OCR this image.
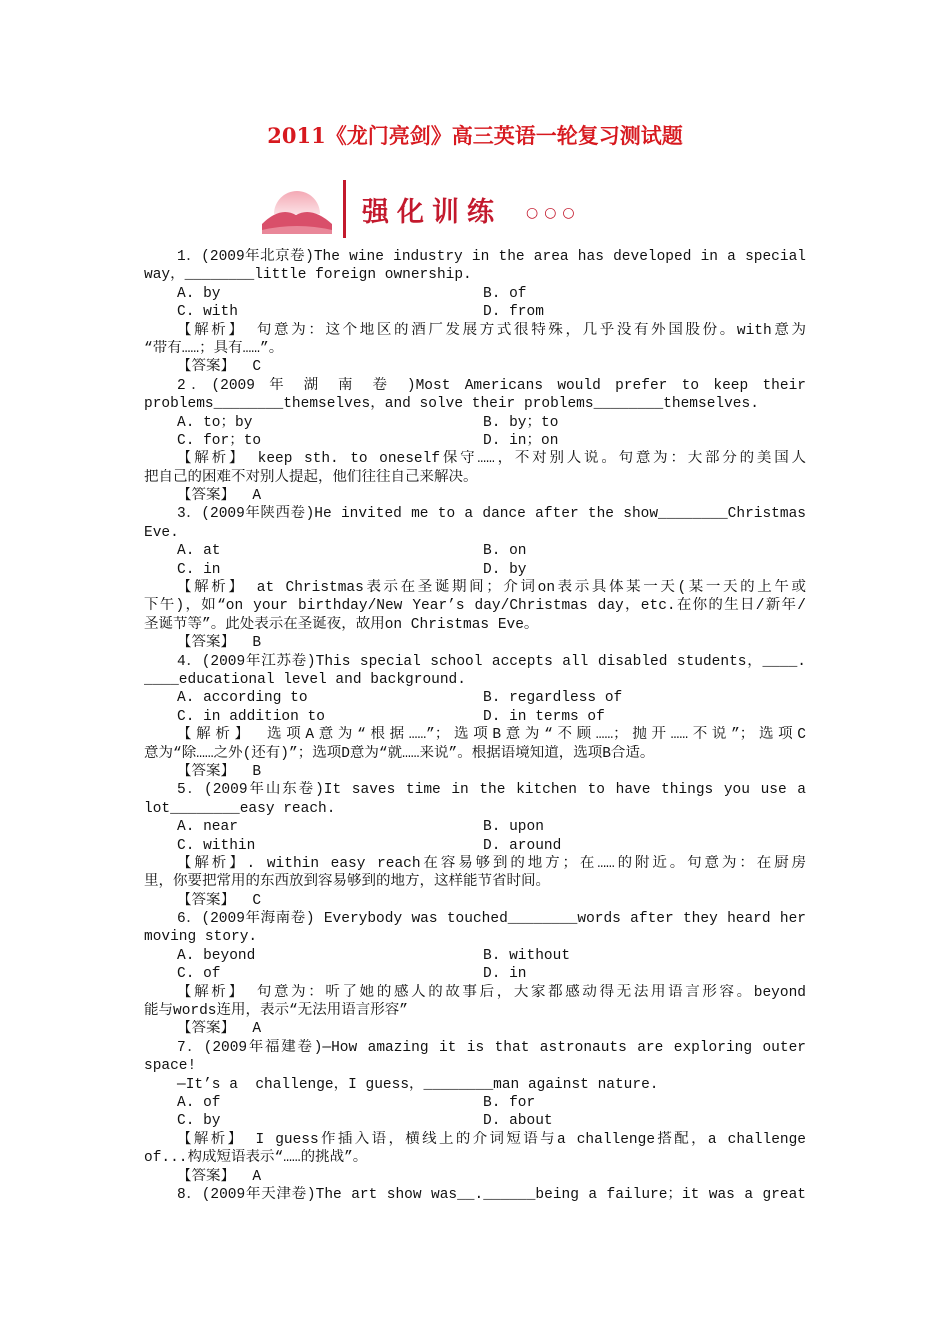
2011《龙门亮剑》高三英语一轮复习测试题
强化训练 ○○○
1．(2009年北京卷)The wine industry in the area has developed in a special
way，________little foreign ownership.
A. by	B. of
C. with	D. from
【解析】 句意为：这个地区的酒厂发展方式很特殊，几乎没有外国股份。with意为
“带有……；具有……”。
【答案】  C
2．(2009 年 湖 南 卷 )Most Americans would prefer to keep their
problems________themselves，and solve their problems________themselves.
A. to；by	B. by；to
C. for；to	D. in；on
【解析】 keep sth. to oneself保守……，不对别人说。句意为：大部分的美国人
把自己的困难不对别人提起，他们往往自己来解决。
【答案】  A
3．(2009年陕西卷)He invited me to a dance after the show________Christmas
Eve.
A. at	B. on
C. in	D. by
【解析】 at Christmas表示在圣诞期间；介词on表示具体某一天(某一天的上午或
下午)，如“on your birthday/New Year’s day/Christmas day，etc.在你的生日/新年/
圣诞节等”。此处表示在圣诞夜，故用on Christmas Eve。
【答案】  B
4．(2009年江苏卷)This special school accepts all disabled students，____.
____educational level and background.
A. according to	B. regardless of
C. in addition to	D. in terms of
【解析】 选项A意为“根据……”；选项B意为“不顾……；抛开……不说”；选项C
意为“除……之外(还有)”；选项D意为“就……来说”。根据语境知道，选项B合适。
【答案】  B
5．(2009年山东卷)It saves time in the kitchen to have things you use a
lot________easy reach.
A. near	B. upon
C. within	D. around
【解析】. within easy reach在容易够到的地方；在……的附近。句意为：在厨房
里，你要把常用的东西放到容易够到的地方，这样能节省时间。
【答案】  C
6．(2009年海南卷) Everybody was touched________words after they heard her
moving story.
A. beyond	B. without
C. of	D. in
【解析】 句意为：听了她的感人的故事后，大家都感动得无法用语言形容。beyond
能与words连用，表示“无法用语言形容”
【答案】  A
7．(2009年福建卷)—How amazing it is that astronauts are exploring outer
space!
—It’s a  challenge，I guess，________man against nature.
A. of	B. for
C. by	D. about
【解析】 I guess作插入语，横线上的介词短语与a challenge搭配，a challenge
of...构成短语表示“……的挑战”。
【答案】  A
8．(2009年天津卷)The art show was__.______being a failure；it was a great
